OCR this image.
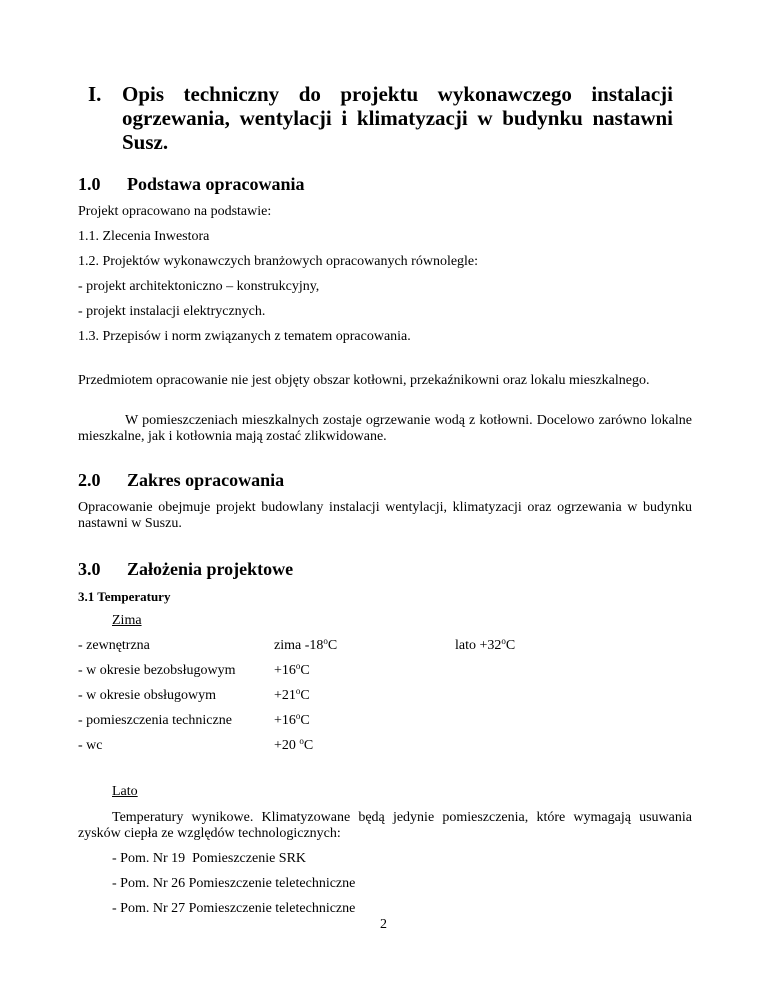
I. Opis techniczny do projektu wykonawczego instalacji ogrzewania, wentylacji i klimatyzacji w budynku nastawni Susz.
1.0 Podstawa opracowania
Projekt opracowano na podstawie:
1.1. Zlecenia Inwestora
1.2. Projektów wykonawczych branżowych opracowanych równolegle:
- projekt architektoniczno – konstrukcyjny,
- projekt instalacji elektrycznych.
1.3. Przepisów i norm związanych z tematem opracowania.
Przedmiotem opracowanie nie jest objęty obszar kotłowni, przekaźnikowni oraz lokalu mieszkalnego.
W pomieszczeniach mieszkalnych zostaje ogrzewanie wodą z kotłowni. Docelowo zarówno lokalne mieszkalne, jak i kotłownia mają zostać zlikwidowane.
2.0 Zakres opracowania
Opracowanie obejmuje projekt budowlany instalacji wentylacji, klimatyzacji oraz ogrzewania w budynku nastawni w Suszu.
3.0 Założenia projektowe
3.1 Temperatury
Zima
- zewnętrzna	zima -18$^o$C	lato $+32^oC$
- w okresie bezobsługowym	$+16^oC$
- w okresie obsługowym	$+21^oC$
- pomieszczenia techniczne	$+16^oC$
- wc	+20 $^o$C
Lato
Temperatury wynikowe. Klimatyzowane będą jedynie pomieszczenia, które wymagają usuwania zysków ciepła ze względów technologicznych:
- Pom. Nr 19  Pomieszczenie SRK
- Pom. Nr 26 Pomieszczenie teletechniczne
- Pom. Nr 27 Pomieszczenie teletechniczne
2
